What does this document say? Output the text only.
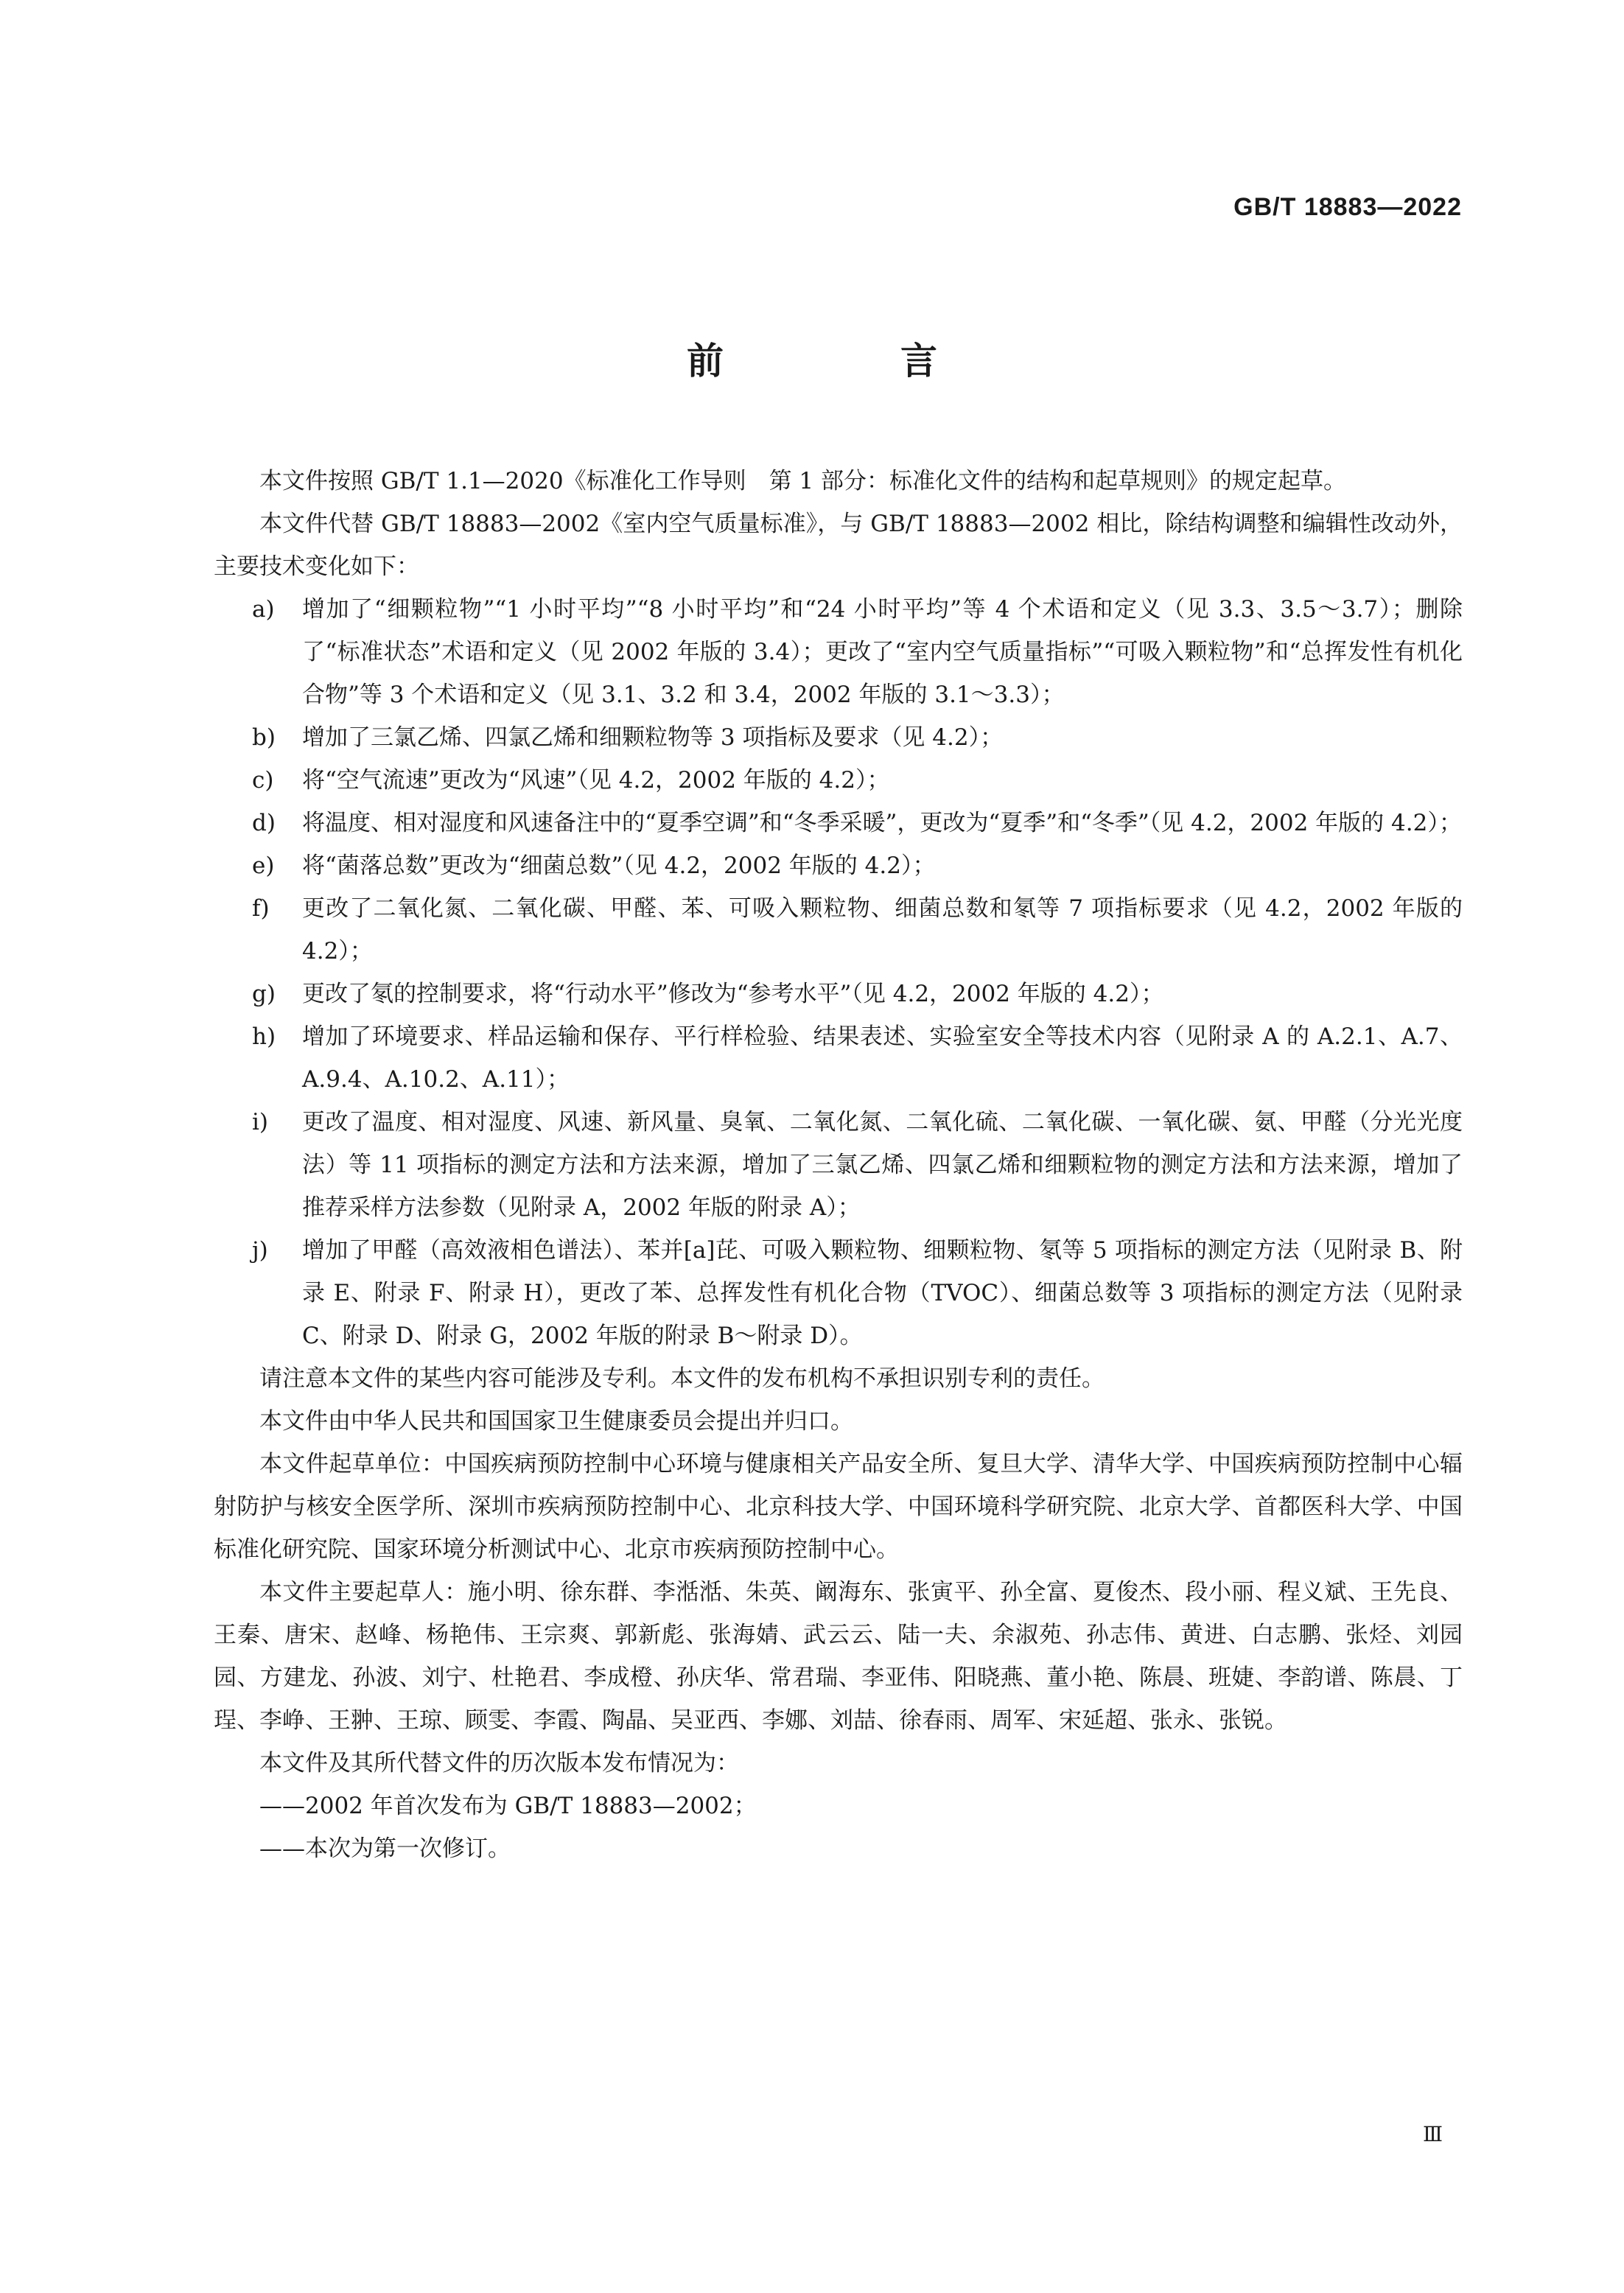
GB/T 18883—2022
前　言

本文件按照 GB/T 1.1—2020《标准化工作导则　第 1 部分：标准化文件的结构和起草规则》的规定起草。

本文件代替 GB/T 18883—2002《室内空气质量标准》，与 GB/T 18883—2002 相比，除结构调整和编辑性改动外，主要技术变化如下：

a)	增加了“细颗粒物”“1 小时平均”“8 小时平均”和“24 小时平均”等 4 个术语和定义（见 3.3、3.5～3.7）；删除了“标准状态”术语和定义（见 2002 年版的 3.4）；更改了“室内空气质量指标”“可吸入颗粒物”和“总挥发性有机化合物”等 3 个术语和定义（见 3.1、3.2 和 3.4，2002 年版的 3.1～3.3）；
b)	增加了三氯乙烯、四氯乙烯和细颗粒物等 3 项指标及要求（见 4.2）；
c)	将“空气流速”更改为“风速”（见 4.2，2002 年版的 4.2）；
d)	将温度、相对湿度和风速备注中的“夏季空调”和“冬季采暖”，更改为“夏季”和“冬季”（见 4.2，2002 年版的 4.2）；
e)	将“菌落总数”更改为“细菌总数”（见 4.2，2002 年版的 4.2）；
f)	更改了二氧化氮、二氧化碳、甲醛、苯、可吸入颗粒物、细菌总数和氡等 7 项指标要求（见 4.2，2002 年版的 4.2）；
g)	更改了氡的控制要求，将“行动水平”修改为“参考水平”（见 4.2，2002 年版的 4.2）；
h)	增加了环境要求、样品运输和保存、平行样检验、结果表述、实验室安全等技术内容（见附录 A 的 A.2.1、A.7、A.9.4、A.10.2、A.11）；
i)	更改了温度、相对湿度、风速、新风量、臭氧、二氧化氮、二氧化硫、二氧化碳、一氧化碳、氨、甲醛（分光光度法）等 11 项指标的测定方法和方法来源，增加了三氯乙烯、四氯乙烯和细颗粒物的测定方法和方法来源，增加了推荐采样方法参数（见附录 A，2002 年版的附录 A）；
j)	增加了甲醛（高效液相色谱法）、苯并[a]芘、可吸入颗粒物、细颗粒物、氡等 5 项指标的测定方法（见附录 B、附录 E、附录 F、附录 H），更改了苯、总挥发性有机化合物（TVOC）、细菌总数等 3 项指标的测定方法（见附录 C、附录 D、附录 G，2002 年版的附录 B～附录 D）。

请注意本文件的某些内容可能涉及专利。本文件的发布机构不承担识别专利的责任。

本文件由中华人民共和国国家卫生健康委员会提出并归口。

本文件起草单位：中国疾病预防控制中心环境与健康相关产品安全所、复旦大学、清华大学、中国疾病预防控制中心辐射防护与核安全医学所、深圳市疾病预防控制中心、北京科技大学、中国环境科学研究院、北京大学、首都医科大学、中国标准化研究院、国家环境分析测试中心、北京市疾病预防控制中心。

本文件主要起草人：施小明、徐东群、李湉湉、朱英、阚海东、张寅平、孙全富、夏俊杰、段小丽、程义斌、王先良、王秦、唐宋、赵峰、杨艳伟、王宗爽、郭新彪、张海婧、武云云、陆一夫、余淑苑、孙志伟、黄进、白志鹏、张烃、刘园园、方建龙、孙波、刘宁、杜艳君、李成橙、孙庆华、常君瑞、李亚伟、阳晓燕、董小艳、陈晨、班婕、李韵谱、陈晨、丁珵、李峥、王翀、王琼、顾雯、李霞、陶晶、吴亚西、李娜、刘喆、徐春雨、周军、宋延超、张永、张锐。

本文件及其所代替文件的历次版本发布情况为：

——2002 年首次发布为 GB/T 18883—2002；

——本次为第一次修订。

Ⅲ
